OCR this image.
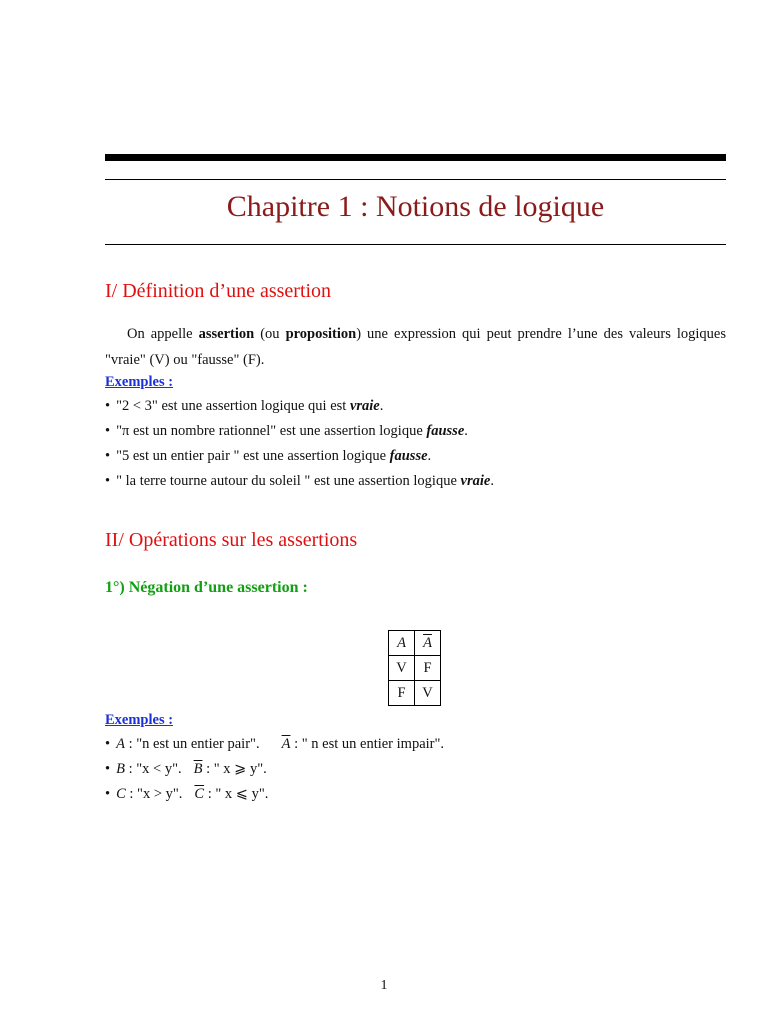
Chapitre 1 : Notions de logique
I/ Définition d’une assertion
On appelle assertion (ou proposition) une expression qui peut prendre l’une des valeurs logiques "vraie" (V) ou "fausse" (F).
Exemples :
• "2 < 3" est une assertion logique qui est vraie.
• "π est un nombre rationnel" est une assertion logique fausse.
• "5 est un entier pair " est une assertion logique fausse.
• " la terre tourne autour du soleil " est une assertion logique vraie.
II/ Opérations sur les assertions
1°) Négation d’une assertion :
A	$\overline{A}$
V	F
F	V
Exemples :
• A : "n est un entier pair". $\overline{A}$ : " n est un entier impair".
• B : "x < y". $\overline{B}$ : " x ⩾ y".
• C : "x > y". $\overline{C}$ : " x ⩽ y".
1
